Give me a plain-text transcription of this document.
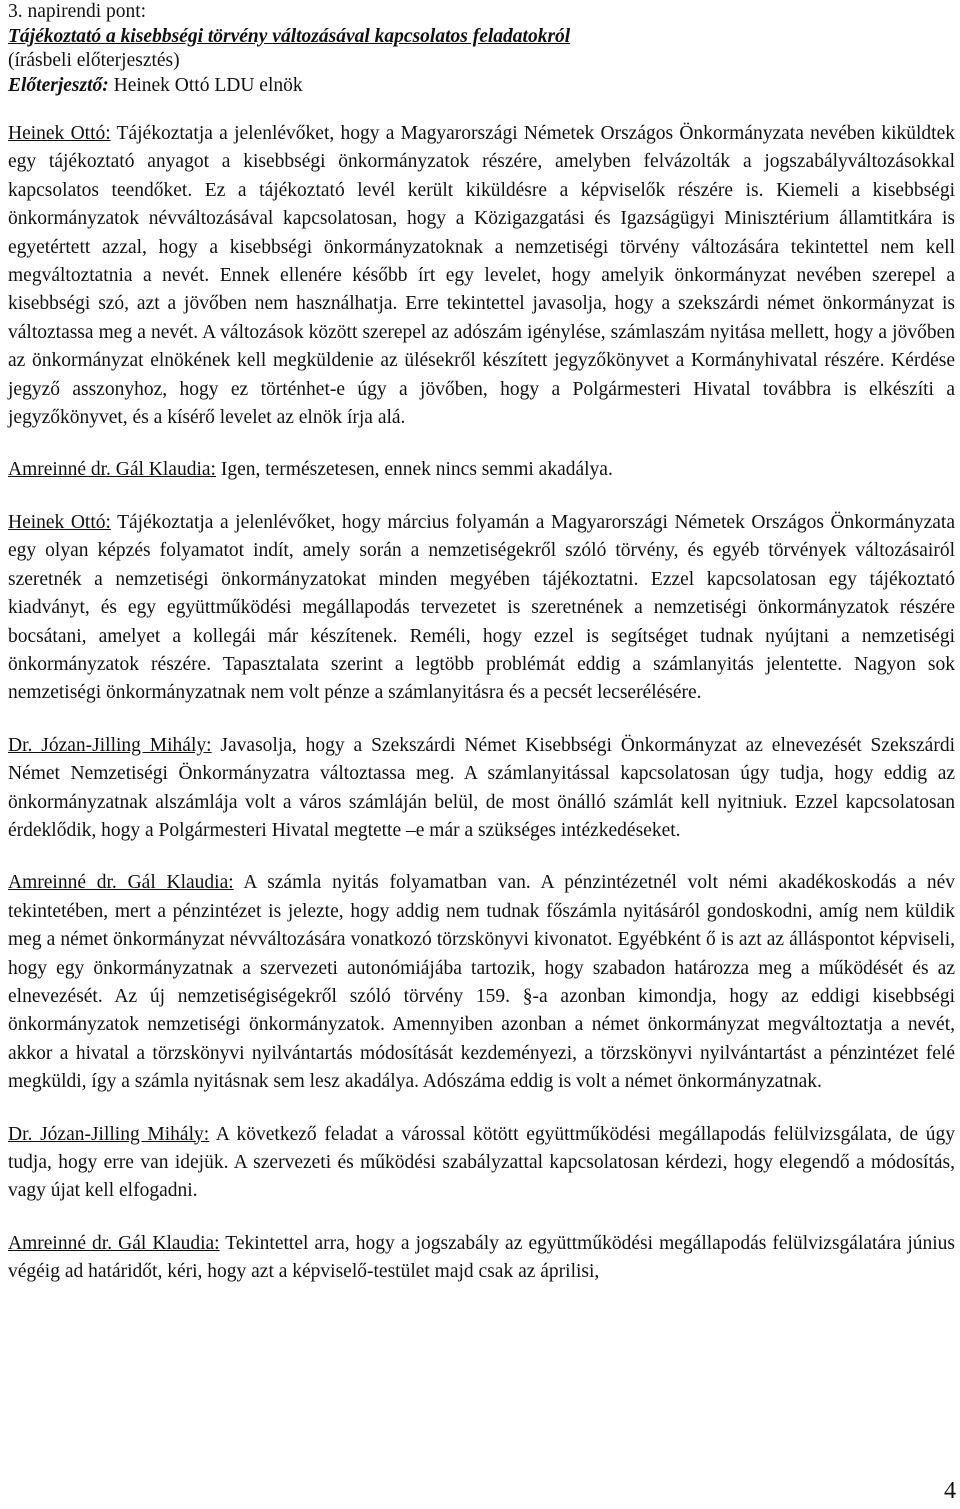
3. napirendi pont:
Tájékoztató a kisebbségi törvény változásával kapcsolatos feladatokról
(írásbeli előterjesztés)
Előterjesztő: Heinek Ottó LDU elnök

Heinek Ottó: Tájékoztatja a jelenlévőket, hogy a Magyarországi Németek Országos Önkormányzata nevében kiküldtek egy tájékoztató anyagot a kisebbségi önkormányzatok részére, amelyben felvázolták a jogszabályváltozásokkal kapcsolatos teendőket. Ez a tájékoztató levél került kiküldésre a képviselők részére is. Kiemeli a kisebbségi önkormányzatok névváltozásával kapcsolatosan, hogy a Közigazgatási és Igazságügyi Minisztérium államtitkára is egyetértett azzal, hogy a kisebbségi önkormányzatoknak a nemzetiségi törvény változására tekintettel nem kell megváltoztatnia a nevét. Ennek ellenére később írt egy levelet, hogy amelyik önkormányzat nevében szerepel a kisebbségi szó, azt a jövőben nem használhatja. Erre tekintettel javasolja, hogy a szekszárdi német önkormányzat is változtassa meg a nevét. A változások között szerepel az adószám igénylése, számlaszám nyitása mellett, hogy a jövőben az önkormányzat elnökének kell megküldenie az ülésekről készített jegyzőkönyvet a Kormányhivatal részére. Kérdése jegyző asszonyhoz, hogy ez történhet-e úgy a jövőben, hogy a Polgármesteri Hivatal továbbra is elkészíti a jegyzőkönyvet, és a kísérő levelet az elnök írja alá.

Amreinné dr. Gál Klaudia: Igen, természetesen, ennek nincs semmi akadálya.

Heinek Ottó: Tájékoztatja a jelenlévőket, hogy március folyamán a Magyarországi Németek Országos Önkormányzata egy olyan képzés folyamatot indít, amely során a nemzetiségekről szóló törvény, és egyéb törvények változásairól szeretnék a nemzetiségi önkormányzatokat minden megyében tájékoztatni. Ezzel kapcsolatosan egy tájékoztató kiadványt, és egy együttműködési megállapodás tervezetet is szeretnének a nemzetiségi önkormányzatok részére bocsátani, amelyet a kollegái már készítenek. Reméli, hogy ezzel is segítséget tudnak nyújtani a nemzetiségi önkormányzatok részére. Tapasztalata szerint a legtöbb problémát eddig a számlanyitás jelentette. Nagyon sok nemzetiségi önkormányzatnak nem volt pénze a számlanyitásra és a pecsét lecserélésére.

Dr. Józan-Jilling Mihály: Javasolja, hogy a Szekszárdi Német Kisebbségi Önkormányzat az elnevezését Szekszárdi Német Nemzetiségi Önkormányzatra változtassa meg. A számlanyitással kapcsolatosan úgy tudja, hogy eddig az önkormányzatnak alszámlája volt a város számláján belül, de most önálló számlát kell nyitniuk. Ezzel kapcsolatosan érdeklődik, hogy a Polgármesteri Hivatal megtette –e már a szükséges intézkedéseket.

Amreinné dr. Gál Klaudia: A számla nyitás folyamatban van. A pénzintézetnél volt némi akadékoskodás a név tekintetében, mert a pénzintézet is jelezte, hogy addig nem tudnak főszámla nyitásáról gondoskodni, amíg nem küldik meg a német önkormányzat névváltozására vonatkozó törzskönyvi kivonatot. Egyébként ő is azt az álláspontot képviseli, hogy egy önkormányzatnak a szervezeti autonómiájába tartozik, hogy szabadon határozza meg a működését és az elnevezését. Az új nemzetiségiségekről szóló törvény 159. §-a azonban kimondja, hogy az eddigi kisebbségi önkormányzatok nemzetiségi önkormányzatok. Amennyiben azonban a német önkormányzat megváltoztatja a nevét, akkor a hivatal a törzskönyvi nyilvántartás módosítását kezdeményezi, a törzskönyvi nyilvántartást a pénzintézet felé megküldi, így a számla nyitásnak sem lesz akadálya. Adószáma eddig is volt a német önkormányzatnak.

Dr. Józan-Jilling Mihály: A következő feladat a várossal kötött együttműködési megállapodás felülvizsgálata, de úgy tudja, hogy erre van idejük. A szervezeti és működési szabályzattal kapcsolatosan kérdezi, hogy elegendő a módosítás, vagy újat kell elfogadni.

Amreinné dr. Gál Klaudia: Tekintettel arra, hogy a jogszabály az együttműködési megállapodás felülvizsgálatára június végéig ad határidőt, kéri, hogy azt a képviselő-testület majd csak az áprilisi,

4
